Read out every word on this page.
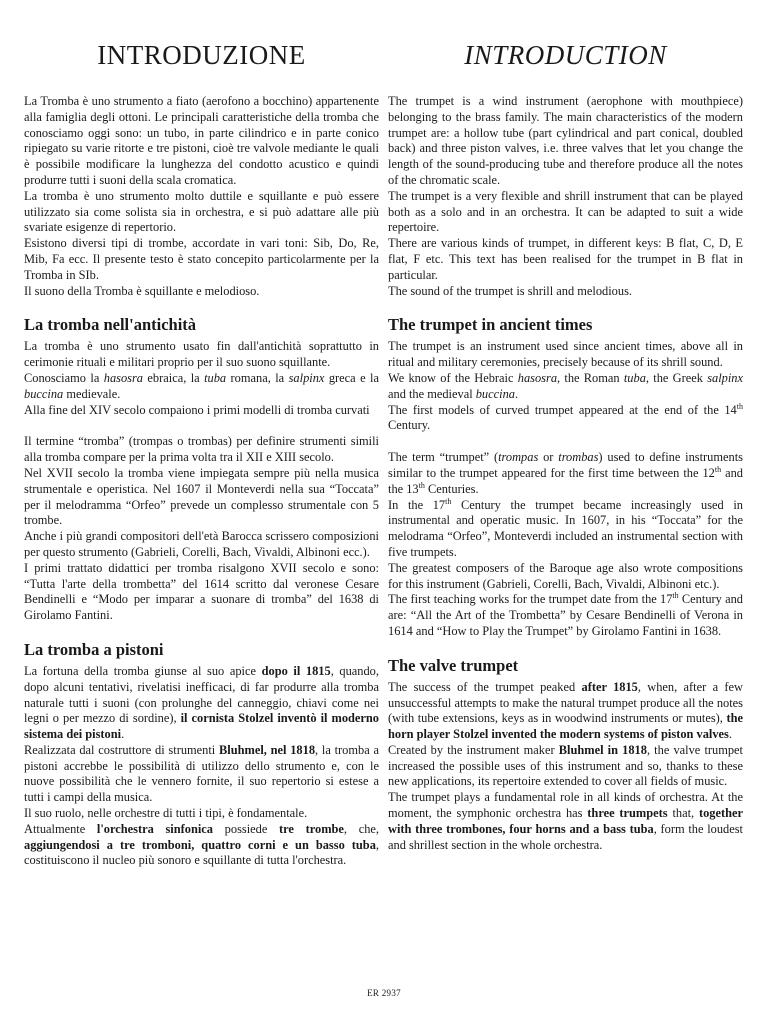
INTRODUZIONE

La Tromba è uno strumento a fiato (aerofono a bocchino) appartenente alla famiglia degli ottoni. Le principali caratteristiche della tromba che conosciamo oggi sono: un tubo, in parte cilindrico e in parte conico ripiegato su varie ritorte e tre pistoni, cioè tre valvole mediante le quali è possibile modificare la lunghezza del condotto acustico e quindi produrre tutti i suoni della scala cromatica.

La tromba è uno strumento molto duttile e squillante e può essere utilizzato sia come solista sia in orchestra, e si può adattare alle più svariate esigenze di repertorio.

Esistono diversi tipi di trombe, accordate in vari toni: Sib, Do, Re, Mib, Fa ecc. Il presente testo è stato concepito particolarmente per la Tromba in SIb.

Il suono della Tromba è squillante e melodioso.

La tromba nell'antichità

La tromba è uno strumento usato fin dall'antichità soprattutto in cerimonie rituali e militari proprio per il suo suono squillante.

Conosciamo la hasosra ebraica, la tuba romana, la salpinx greca e la buccina medievale.

Alla fine del XIV secolo compaiono i primi modelli di tromba curvati

Il termine “tromba” (trompas o trombas) per definire strumenti simili alla tromba compare per la prima volta tra il XII e XIII secolo.

Nel XVII secolo la tromba viene impiegata sempre più nella musica strumentale e operistica. Nel 1607 il Monteverdi nella sua “Toccata” per il melodramma “Orfeo” prevede un complesso strumentale con 5 trombe.

Anche i più grandi compositori dell'età Barocca scrissero composizioni per questo strumento (Gabrieli, Corelli, Bach, Vivaldi, Albinoni ecc.).

I primi trattato didattici per tromba risalgono XVII secolo e sono: “Tutta l'arte della trombetta” del 1614 scritto dal veronese Cesare Bendinelli e “Modo per imparar a suonare di tromba” del 1638 di Girolamo Fantini.

La tromba a pistoni

La fortuna della tromba giunse al suo apice dopo il 1815, quando, dopo alcuni tentativi, rivelatisi inefficaci, di far produrre alla tromba naturale tutti i suoni (con prolunghe del canneggio, chiavi come nei legni o per mezzo di sordine), il cornista Stolzel inventò il moderno sistema dei pistoni.

Realizzata dal costruttore di strumenti Bluhmel, nel 1818, la tromba a pistoni accrebbe le possibilità di utilizzo dello strumento e, con le nuove possibilità che le vennero fornite, il suo repertorio si estese a tutti i campi della musica.

Il suo ruolo, nelle orchestre di tutti i tipi, è fondamentale.

Attualmente l'orchestra sinfonica possiede tre trombe, che, aggiungendosi a tre tromboni, quattro corni e un basso tuba, costituiscono il nucleo più sonoro e squillante di tutta l'orchestra.

INTRODUCTION

The trumpet is a wind instrument (aerophone with mouthpiece) belonging to the brass family. The main characteristics of the modern trumpet are: a hollow tube (part cylindrical and part conical, doubled back) and three piston valves, i.e. three valves that let you change the length of the sound-producing tube and therefore produce all the notes of the chromatic scale.

The trumpet is a very flexible and shrill instrument that can be played both as a solo and in an orchestra. It can be adapted to suit a wide repertoire.

There are various kinds of trumpet, in different keys: B flat, C, D, E flat, F etc. This text has been realised for the trumpet in B flat in particular.

The sound of the trumpet is shrill and melodious.

The trumpet in ancient times

The trumpet is an instrument used since ancient times, above all in ritual and military ceremonies, precisely because of its shrill sound.

We know of the Hebraic hasosra, the Roman tuba, the Greek salpinx and the medieval buccina.

The first models of curved trumpet appeared at the end of the 14th Century.

The term “trumpet” (trompas or trombas) used to define instruments similar to the trumpet appeared for the first time between the 12th and the 13th Centuries.

In the 17th Century the trumpet became increasingly used in instrumental and operatic music. In 1607, in his “Toccata” for the melodrama “Orfeo”, Monteverdi included an instrumental section with five trumpets.

The greatest composers of the Baroque age also wrote compositions for this instrument (Gabrieli, Corelli, Bach, Vivaldi, Albinoni etc.).

The first teaching works for the trumpet date from the 17th Century and are: “All the Art of the Trombetta” by Cesare Bendinelli of Verona in 1614 and “How to Play the Trumpet” by Girolamo Fantini in 1638.

The valve trumpet

The success of the trumpet peaked after 1815, when, after a few unsuccessful attempts to make the natural trumpet produce all the notes (with tube extensions, keys as in woodwind instruments or mutes), the horn player Stolzel invented the modern systems of piston valves.

Created by the instrument maker Bluhmel in 1818, the valve trumpet increased the possible uses of this instrument and so, thanks to these new applications, its repertoire extended to cover all fields of music.

The trumpet plays a fundamental role in all kinds of orchestra. At the moment, the symphonic orchestra has three trumpets that, together with three trombones, four horns and a bass tuba, form the loudest and shrillest section in the whole orchestra.

ER 2937
